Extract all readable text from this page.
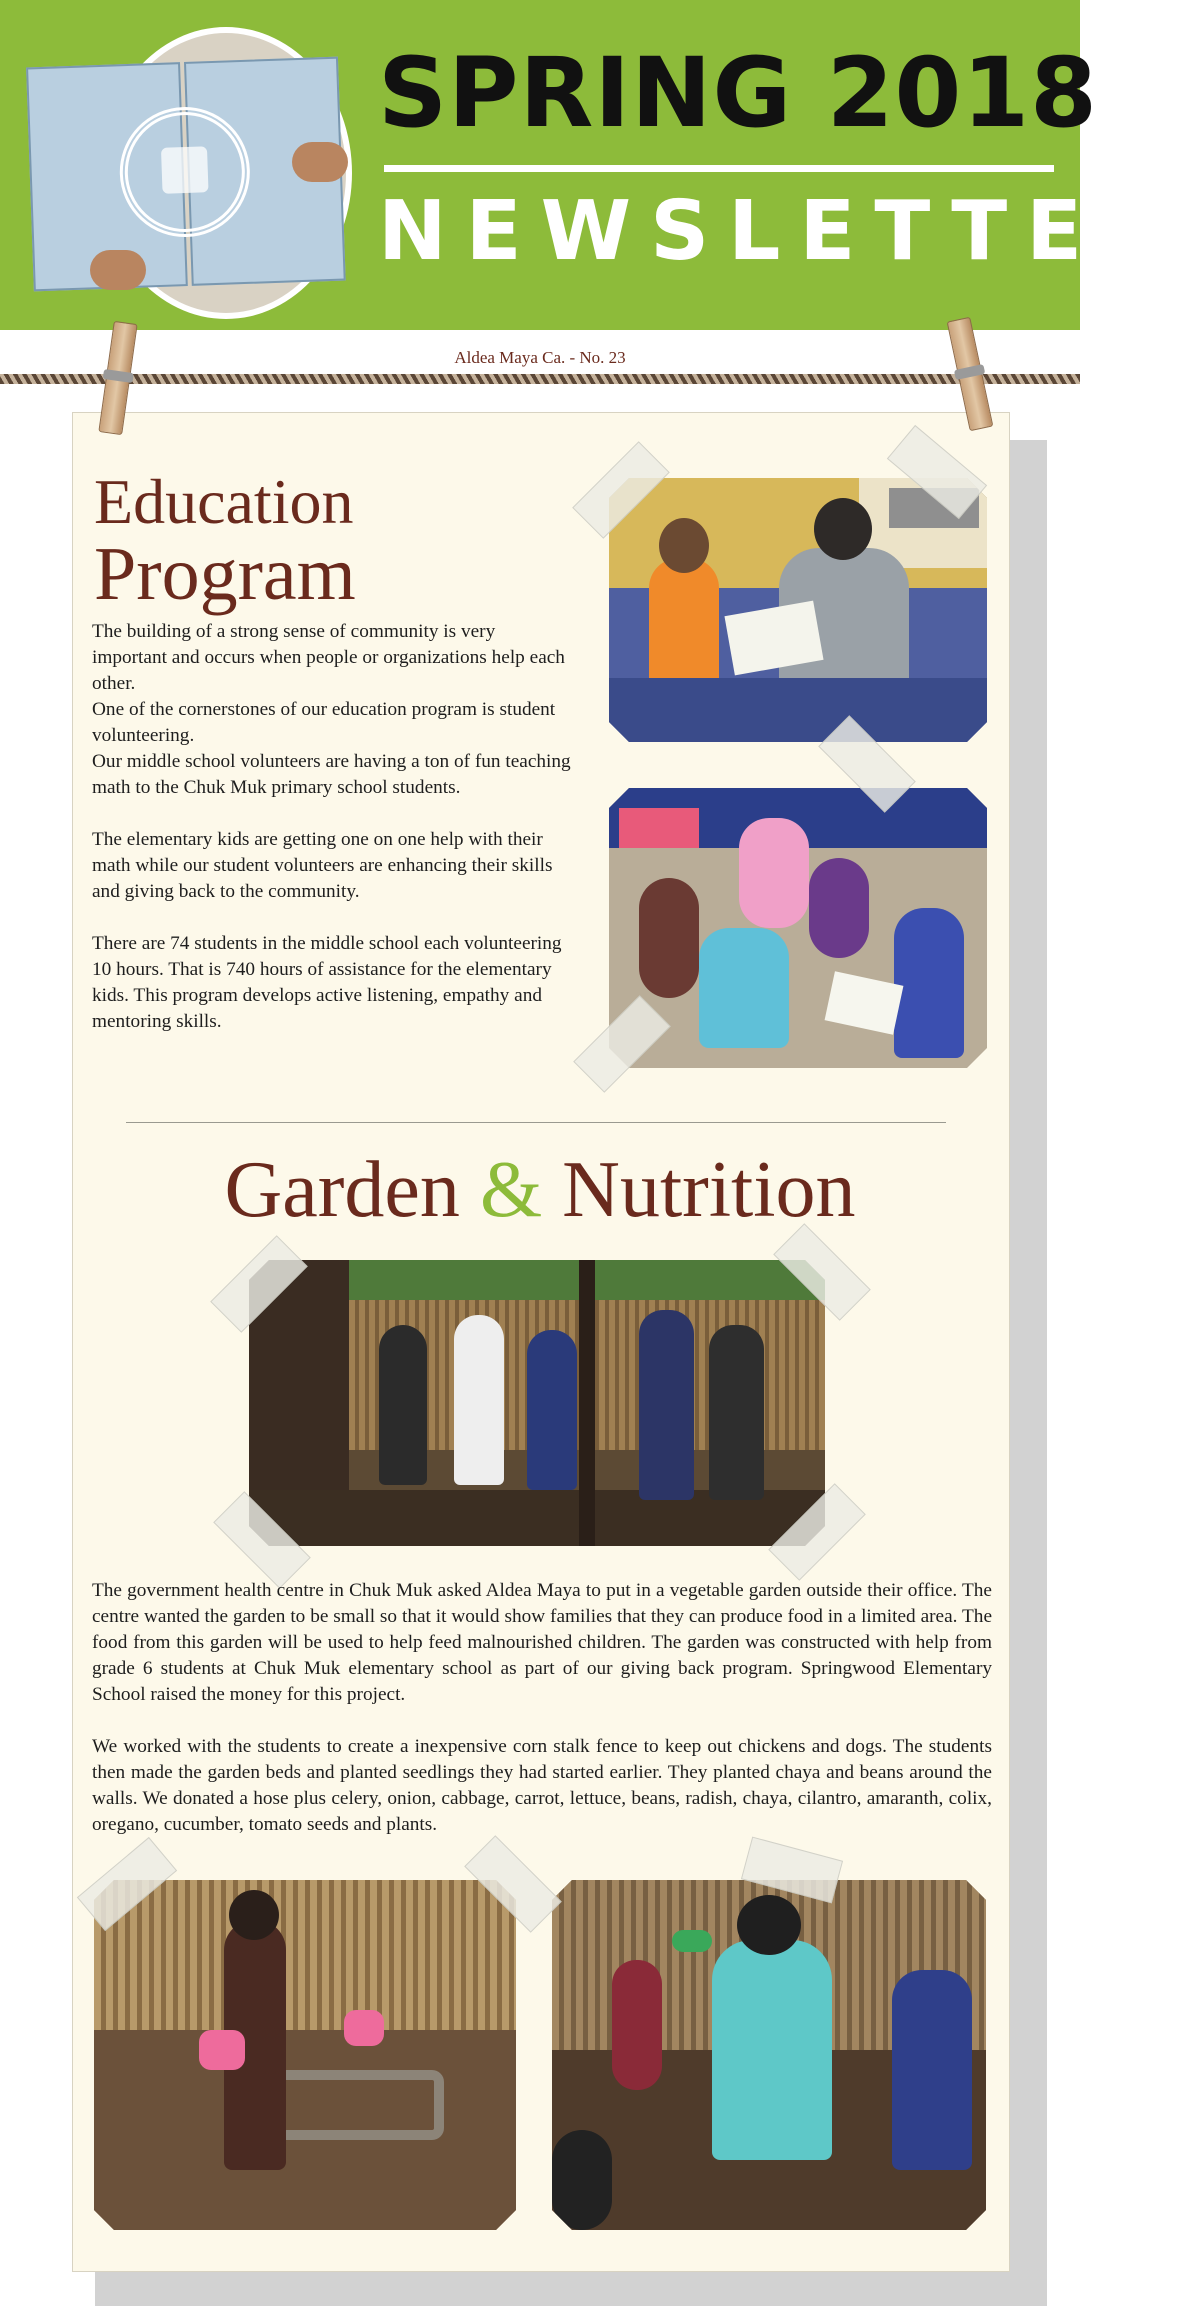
SPRING 2018
NEWSLETTER
Aldea Maya Ca. - No. 23
Education
Program

The building of a strong sense of community is very important and occurs when people or organizations help each other.

One of the cornerstones of our education program is student volunteering.

Our middle school volunteers are having a ton of fun teaching math to the Chuk Muk primary school students.

The elementary kids are getting one on one help with their math while our student volunteers are enhancing their skills and giving back to the community.

There are 74 students in the middle school each volunteering 10 hours. That is 740 hours of assistance for the elementary kids. This program develops active listening, empathy and mentoring skills.

Garden & Nutrition

The government health centre in Chuk Muk asked Aldea Maya to put in a vegetable garden outside their office. The centre wanted the garden to be small so that it would show families that they can produce food in a limited area. The food from this garden will be used to help feed malnourished children. The garden was constructed with help from grade 6 students at Chuk Muk elementary school as part of our giving back program. Springwood Elementary School raised the money for this project.

We worked with the students to create a inexpensive corn stalk fence to keep out chickens and dogs. The students then made the garden beds and planted seedlings they had started earlier. They planted chaya and beans around the walls. We donated a hose plus celery, onion, cabbage, carrot, lettuce, beans, radish, chaya, cilantro, amaranth, colix, oregano, cucumber, tomato seeds and plants.
